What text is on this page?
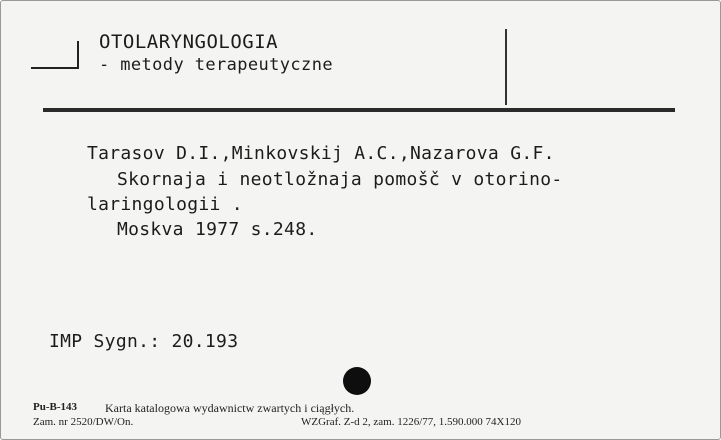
OTOLARYNGOLOGIA
- metody terapeutyczne
Tarasov D.I.,Minkovskij A.C.,Nazarova G.F.
Skornaja i neotložnaja pomošč v otorino-
laringologii .
Moskva 1977 s.248.
IMP Sygn.: 20.193
Pu-B-143 Karta katalogowa wydawnictw zwartych i ciągłych.
Zam. nr 2520/DW/On.	WZGraf. Z-d 2, zam. 1226/77, 1.590.000 74X120
